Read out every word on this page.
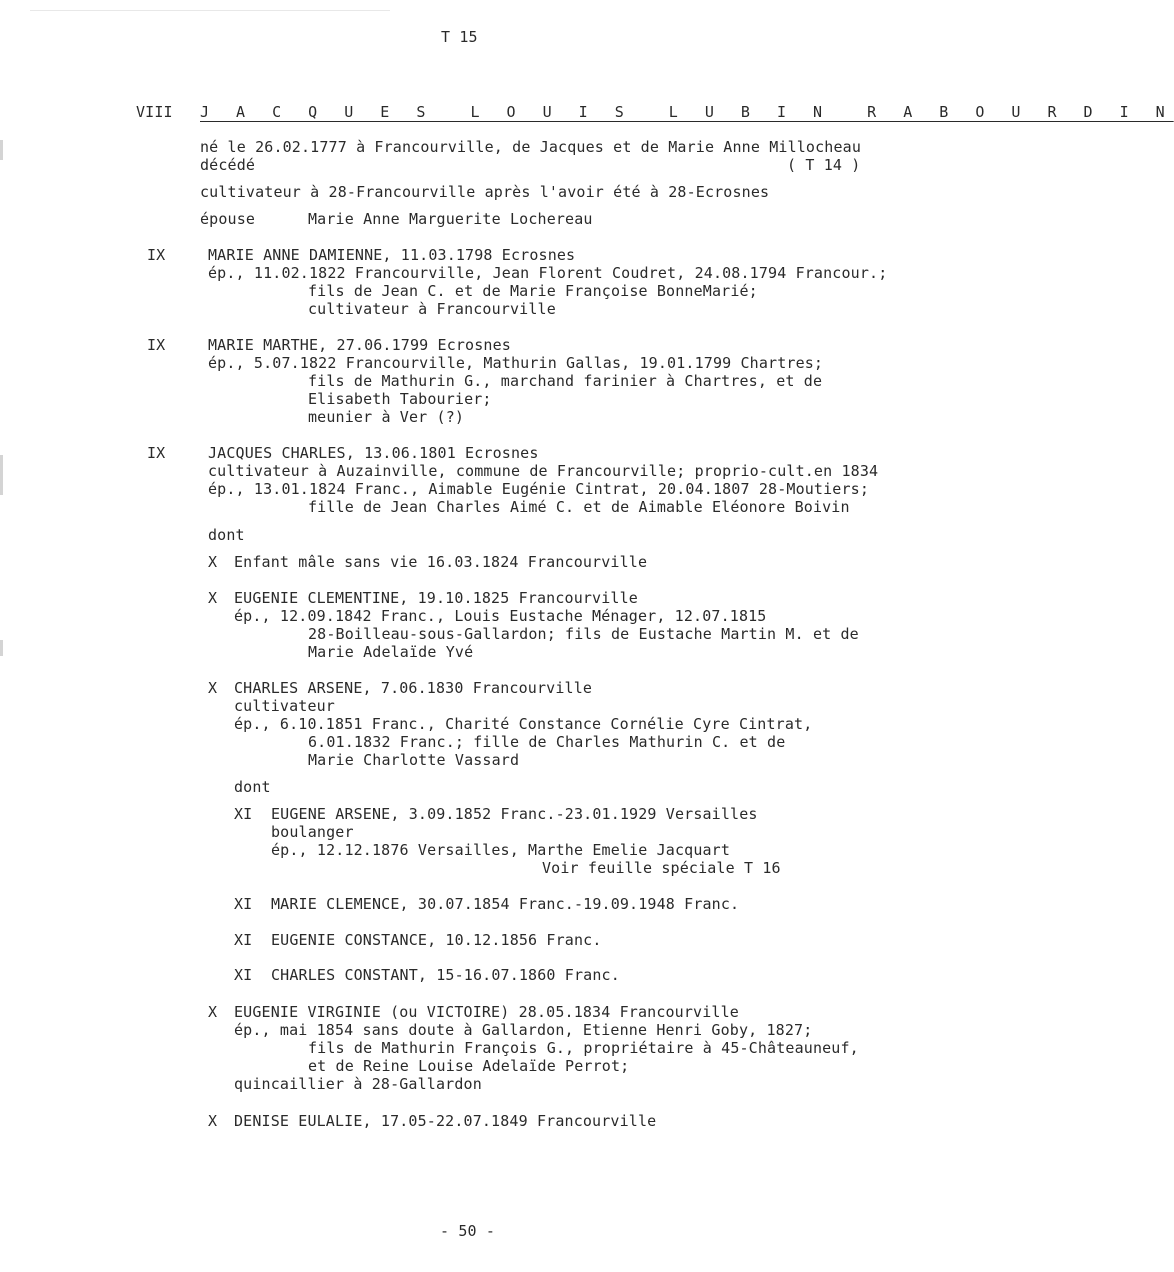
T 15
VIII J A C Q U E S  L O U I S  L U B I N  R A B O U R D I N
né le 26.02.1777 à Francourville, de Jacques et de Marie Anne Millocheau
décédé	( T 14 )
cultivateur à 28-Francourville après l'avoir été à 28-Ecrosnes
épouse	Marie Anne Marguerite Lochereau
IX	MARIE ANNE DAMIENNE, 11.03.1798 Ecrosnes
ép., 11.02.1822 Francourville, Jean Florent Coudret, 24.08.1794 Francour.;
fils de Jean C. et de Marie Françoise BonneMarié;
cultivateur à Francourville
IX	MARIE MARTHE, 27.06.1799 Ecrosnes
ép., 5.07.1822 Francourville, Mathurin Gallas, 19.01.1799 Chartres;
fils de Mathurin G., marchand farinier à Chartres, et de
Elisabeth Tabourier;
meunier à Ver (?)
IX	JACQUES CHARLES, 13.06.1801 Ecrosnes
cultivateur à Auzainville, commune de Francourville; proprio-cult.en 1834
ép., 13.01.1824 Franc., Aimable Eugénie Cintrat, 20.04.1807 28-Moutiers;
fille de Jean Charles Aimé C. et de Aimable Eléonore Boivin
dont
X Enfant mâle sans vie 16.03.1824 Francourville
X EUGENIE CLEMENTINE, 19.10.1825 Francourville
ép., 12.09.1842 Franc., Louis Eustache Ménager, 12.07.1815
28-Boilleau-sous-Gallardon; fils de Eustache Martin M. et de
Marie Adelaïde Yvé
X CHARLES ARSENE, 7.06.1830 Francourville
cultivateur
ép., 6.10.1851 Franc., Charité Constance Cornélie Cyre Cintrat,
6.01.1832 Franc.; fille de Charles Mathurin C. et de
Marie Charlotte Vassard
dont
XI EUGENE ARSENE, 3.09.1852 Franc.-23.01.1929 Versailles
boulanger
ép., 12.12.1876 Versailles, Marthe Emelie Jacquart
Voir feuille spéciale T 16
XI MARIE CLEMENCE, 30.07.1854 Franc.-19.09.1948 Franc.
XI EUGENIE CONSTANCE, 10.12.1856 Franc.
XI CHARLES CONSTANT, 15-16.07.1860 Franc.
X EUGENIE VIRGINIE (ou VICTOIRE) 28.05.1834 Francourville
ép., mai 1854 sans doute à Gallardon, Etienne Henri Goby, 1827;
fils de Mathurin François G., propriétaire à 45-Châteauneuf,
et de Reine Louise Adelaïde Perrot;
quincaillier à 28-Gallardon
X DENISE EULALIE, 17.05-22.07.1849 Francourville
- 50 -
